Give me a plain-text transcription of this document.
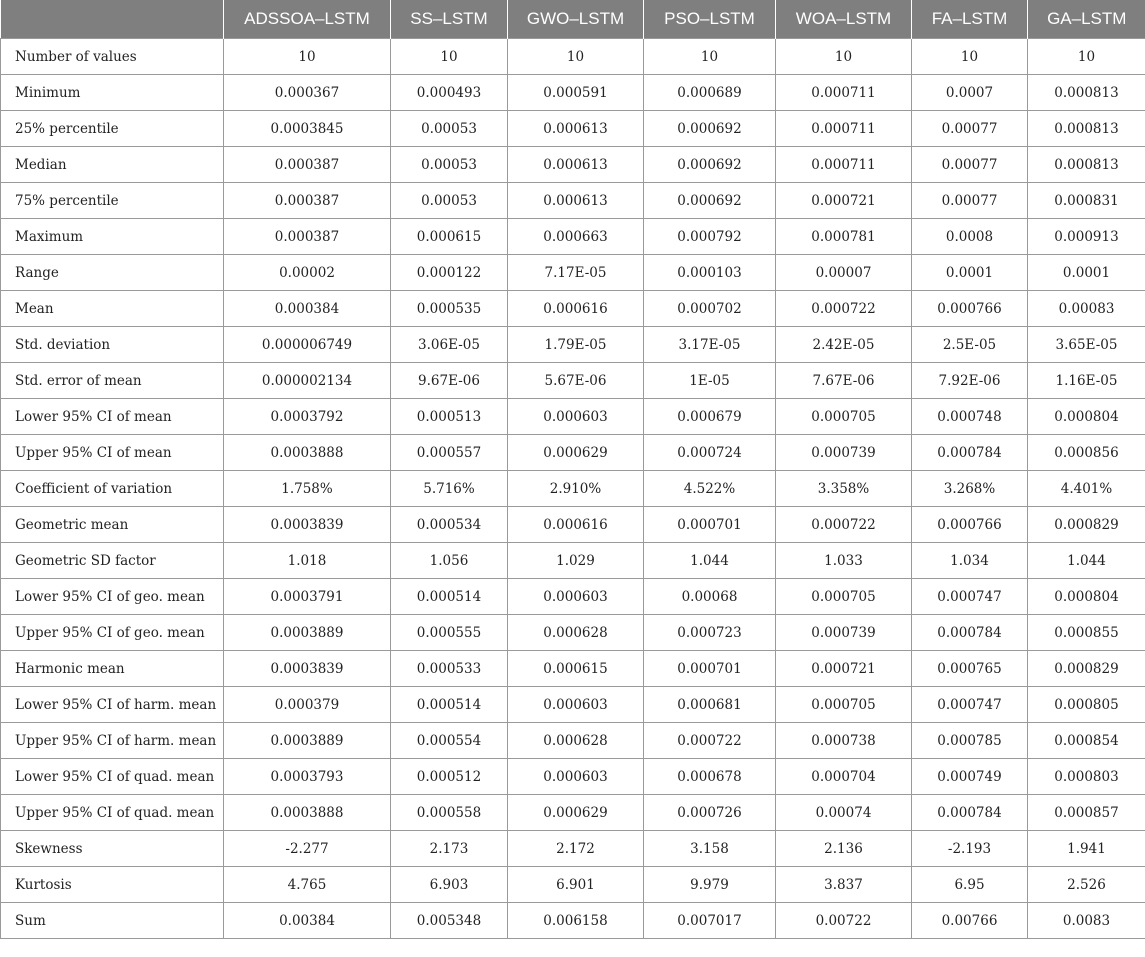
	ADSSOA–LSTM	SS–LSTM	GWO–LSTM	PSO–LSTM	WOA–LSTM	FA–LSTM	GA–LSTM
Number of values	10	10	10	10	10	10	10
Minimum	0.000367	0.000493	0.000591	0.000689	0.000711	0.0007	0.000813
25% percentile	0.0003845	0.00053	0.000613	0.000692	0.000711	0.00077	0.000813
Median	0.000387	0.00053	0.000613	0.000692	0.000711	0.00077	0.000813
75% percentile	0.000387	0.00053	0.000613	0.000692	0.000721	0.00077	0.000831
Maximum	0.000387	0.000615	0.000663	0.000792	0.000781	0.0008	0.000913
Range	0.00002	0.000122	7.17E-05	0.000103	0.00007	0.0001	0.0001
Mean	0.000384	0.000535	0.000616	0.000702	0.000722	0.000766	0.00083
Std. deviation	0.000006749	3.06E-05	1.79E-05	3.17E-05	2.42E-05	2.5E-05	3.65E-05
Std. error of mean	0.000002134	9.67E-06	5.67E-06	1E-05	7.67E-06	7.92E-06	1.16E-05
Lower 95% CI of mean	0.0003792	0.000513	0.000603	0.000679	0.000705	0.000748	0.000804
Upper 95% CI of mean	0.0003888	0.000557	0.000629	0.000724	0.000739	0.000784	0.000856
Coefficient of variation	1.758%	5.716%	2.910%	4.522%	3.358%	3.268%	4.401%
Geometric mean	0.0003839	0.000534	0.000616	0.000701	0.000722	0.000766	0.000829
Geometric SD factor	1.018	1.056	1.029	1.044	1.033	1.034	1.044
Lower 95% CI of geo. mean	0.0003791	0.000514	0.000603	0.00068	0.000705	0.000747	0.000804
Upper 95% CI of geo. mean	0.0003889	0.000555	0.000628	0.000723	0.000739	0.000784	0.000855
Harmonic mean	0.0003839	0.000533	0.000615	0.000701	0.000721	0.000765	0.000829
Lower 95% CI of harm. mean	0.000379	0.000514	0.000603	0.000681	0.000705	0.000747	0.000805
Upper 95% CI of harm. mean	0.0003889	0.000554	0.000628	0.000722	0.000738	0.000785	0.000854
Lower 95% CI of quad. mean	0.0003793	0.000512	0.000603	0.000678	0.000704	0.000749	0.000803
Upper 95% CI of quad. mean	0.0003888	0.000558	0.000629	0.000726	0.00074	0.000784	0.000857
Skewness	-2.277	2.173	2.172	3.158	2.136	-2.193	1.941
Kurtosis	4.765	6.903	6.901	9.979	3.837	6.95	2.526
Sum	0.00384	0.005348	0.006158	0.007017	0.00722	0.00766	0.0083
